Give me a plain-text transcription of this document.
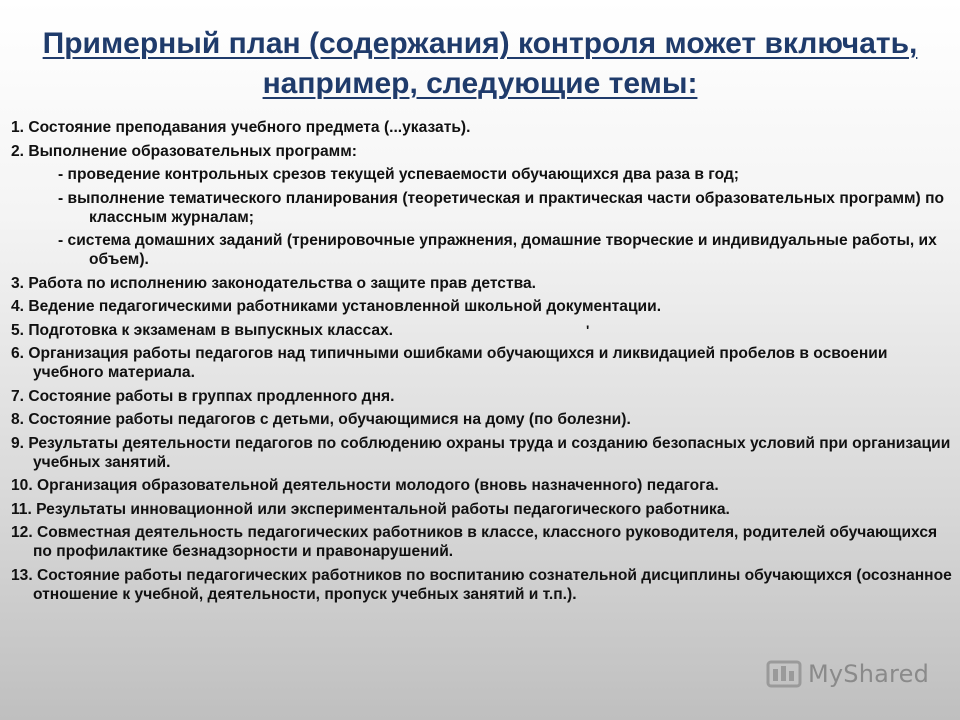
Примерный план (содержания) контроля может включать,
например, следующие темы:
1. Состояние преподавания учебного предмета (...указать).
2. Выполнение образовательных программ:
- проведение контрольных срезов текущей успеваемости обучающихся два раза в год;
- выполнение тематического планирования (теоретическая и практическая части образовательных программ) по классным журналам;
- система домашних заданий (тренировочные упражнения, домашние творческие и индивидуальные работы, их объем).
3. Работа по исполнению законодательства о защите прав детства.
4. Ведение педагогическими работниками установленной школьной документации.
5. Подготовка к экзаменам в выпускных классах.
6. Организация работы педагогов над типичными ошибками обучающихся и ликвидацией пробелов в освоении учебного материала.
7. Состояние работы в группах продленного дня.
8. Состояние работы педагогов с детьми, обучающимися на дому (по болезни).
9. Результаты деятельности педагогов по соблюдению охраны труда и созданию безопасных условий при организации учебных занятий.
10. Организация образовательной деятельности молодого (вновь назначенного) педагога.
11. Результаты инновационной или экспериментальной работы педагогического работника.
12. Совместная деятельность педагогических работников в классе, классного руководителя, родителей обучающихся по профилактике безнадзорности и правонарушений.
13. Состояние работы педагогических работников по воспитанию сознательной дисциплины обучающихся (осознанное отношение к учебной, деятельности, пропуск учебных занятий и т.п.).
'
MyShared
